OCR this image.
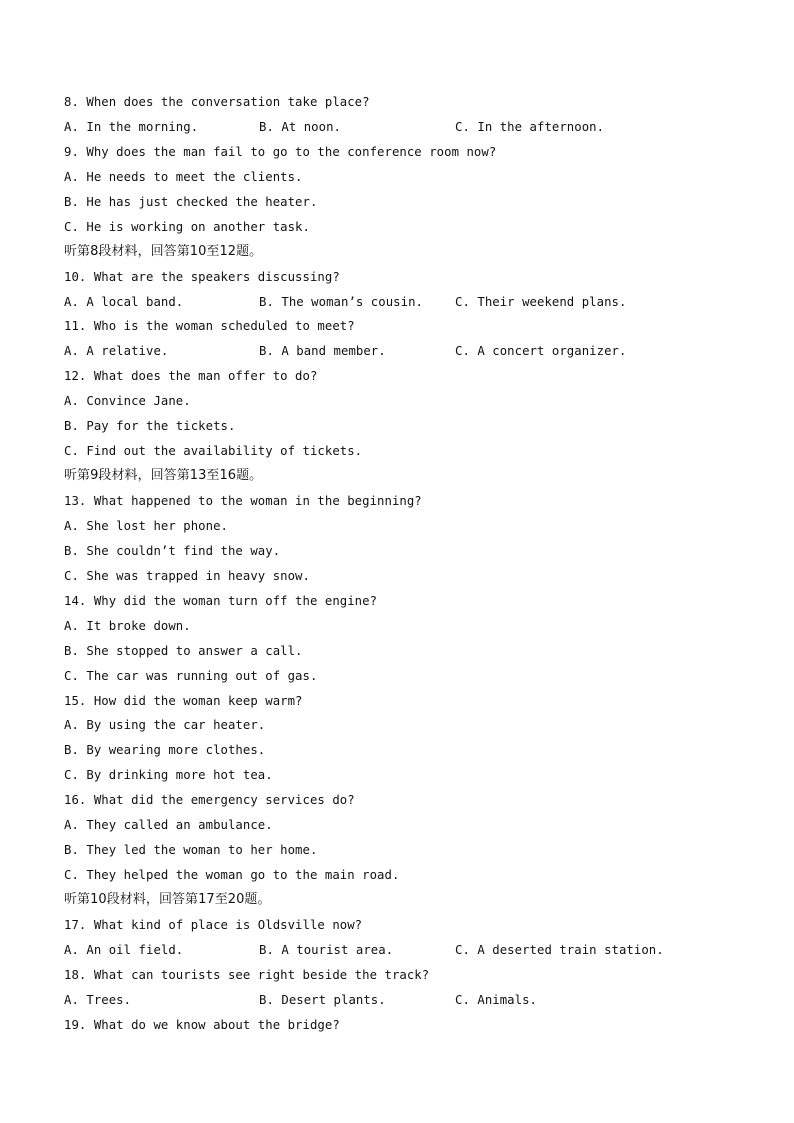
8. When does the conversation take place?
A. In the morning.	B. At noon.	C. In the afternoon.
9. Why does the man fail to go to the conference room now?
A. He needs to meet the clients.
B. He has just checked the heater.
C. He is working on another task.
听第8段材料，回答第10至12题。
10. What are the speakers discussing?
A. A local band.	B. The woman’s cousin.	C. Their weekend plans.
11. Who is the woman scheduled to meet?
A. A relative.	B. A band member.	C. A concert organizer.
12. What does the man offer to do?
A. Convince Jane.
B. Pay for the tickets.
C. Find out the availability of tickets.
听第9段材料，回答第13至16题。
13. What happened to the woman in the beginning?
A. She lost her phone.
B. She couldn’t find the way.
C. She was trapped in heavy snow.
14. Why did the woman turn off the engine?
A. It broke down.
B. She stopped to answer a call.
C. The car was running out of gas.
15. How did the woman keep warm?
A. By using the car heater.
B. By wearing more clothes.
C. By drinking more hot tea.
16. What did the emergency services do?
A. They called an ambulance.
B. They led the woman to her home.
C. They helped the woman go to the main road.
听第10段材料，回答第17至20题。
17. What kind of place is Oldsville now?
A. An oil field.	B. A tourist area.	C. A deserted train station.
18. What can tourists see right beside the track?
A. Trees.	B. Desert plants.	C. Animals.
19. What do we know about the bridge?
